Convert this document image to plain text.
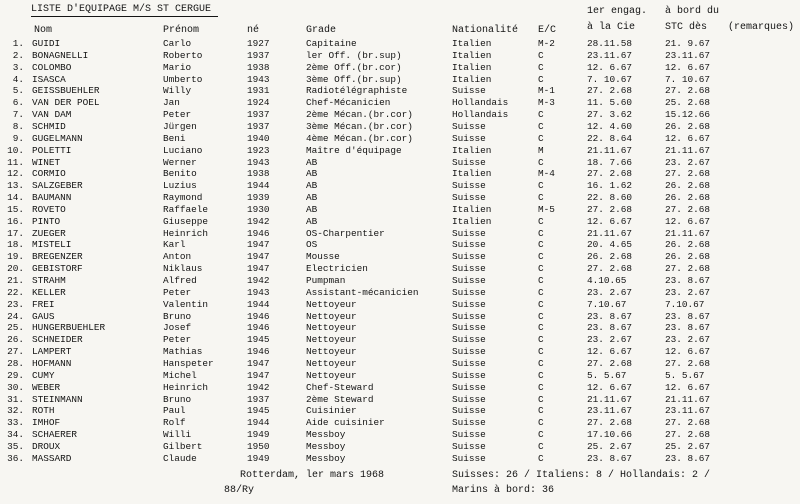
LISTE D'EQUIPAGE M/S ST CERGUE	1er engag. à bord du
Nom	Prénom	né	Grade	Nationalité E/C	à la Cie	STC dès (remarques)
1. GUIDI	Carlo	1927	Capitaine	Italien	M-2	28.11.58	21. 9.67
2. BONAGNELLI	Roberto	1937	ler Off. (br.sup)	Italien	C	23.11.67	23.11.67
3. COLOMBO	Mario	1938	2ème Off.(br.cor)	Italien	C	12. 6.67	12. 6.67
4. ISASCA	Umberto	1943	3ème Off.(br.sup)	Italien	C	7. 10.67	7. 10.67
5. GEISSBUEHLER	Willy	1931	Radiotélégraphiste	Suisse	M-1	27. 2.68	27. 2.68
6. VAN DER POEL	Jan	1924	Chef-Mécanicien	Hollandais	M-3	11. 5.60	25. 2.68
7. VAN DAM	Peter	1937	2ème Mécan.(br.cor)	Hollandais	C	27. 3.62	15.12.66
8. SCHMID	Jürgen	1937	3ème Mécan.(br.cor)	Suisse	C	12. 4.60	26. 2.68
9. GUGELMANN	Beni	1940	4ème Mécan.(br.cor)	Suisse	C	22. 8.64	12. 6.67
10. POLETTI	Luciano	1923	Maître d'équipage	Italien	M	21.11.67	21.11.67
11. WINET	Werner	1943	AB	Suisse	C	18. 7.66	23. 2.67
12. CORMIO	Benito	1938	AB	Italien	M-4	27. 2.68	27. 2.68
13. SALZGEBER	Luzius	1944	AB	Suisse	C	16. 1.62	26. 2.68
14. BAUMANN	Raymond	1939	AB	Suisse	C	22. 8.60	26. 2.68
15. ROVETO	Raffaele	1930	AB	Italien	M-5	27. 2.68	27. 2.68
16. PINTO	Giuseppe	1942	AB	Italien	C	12. 6.67	12. 6.67
17. ZUEGER	Heinrich	1946	OS-Charpentier	Suisse	C	21.11.67	21.11.67
18. MISTELI	Karl	1947	OS	Suisse	C	20. 4.65	26. 2.68
19. BREGENZER	Anton	1947	Mousse	Suisse	C	26. 2.68	26. 2.68
20. GEBISTORF	Niklaus	1947	Electricien	Suisse	C	27. 2.68	27. 2.68
21. STRAHM	Alfred	1942	Pumpman	Suisse	C	4.10.65	23. 8.67
22. KELLER	Peter	1943	Assistant-mécanicien	Suisse	C	23. 2.67	23. 2.67
23. FREI	Valentin	1944	Nettoyeur	Suisse	C	7.10.67	7.10.67
24. GAUS	Bruno	1946	Nettoyeur	Suisse	C	23. 8.67	23. 8.67
25. HUNGERBUEHLER	Josef	1946	Nettoyeur	Suisse	C	23. 8.67	23. 8.67
26. SCHNEIDER	Peter	1945	Nettoyeur	Suisse	C	23. 2.67	23. 2.67
27. LAMPERT	Mathias	1946	Nettoyeur	Suisse	C	12. 6.67	12. 6.67
28. HOFMANN	Hanspeter	1947	Nettoyeur	Suisse	C	27. 2.68	27. 2.68
29. CUMY	Michel	1947	Nettoyeur	Suisse	C	5. 5.67	5. 5.67
30. WEBER	Heinrich	1942	Chef-Steward	Suisse	C	12. 6.67	12. 6.67
31. STEINMANN	Bruno	1937	2ème Steward	Suisse	C	21.11.67	21.11.67
32. ROTH	Paul	1945	Cuisinier	Suisse	C	23.11.67	23.11.67
33. IMHOF	Rolf	1944	Aide cuisinier	Suisse	C	27. 2.68	27. 2.68
34. SCHAERER	Willi	1949	Messboy	Suisse	C	17.10.66	27. 2.68
35. DROUX	Gilbert	1950	Messboy	Suisse	C	25. 2.67	25. 2.67
36. MASSARD	Claude	1949	Messboy	Suisse	C	23. 8.67	23. 8.67
Rotterdam, ler mars 1968
88/Ry
Suisses: 26 / Italiens: 8 / Hollandais: 2 /
Marins à bord: 36
